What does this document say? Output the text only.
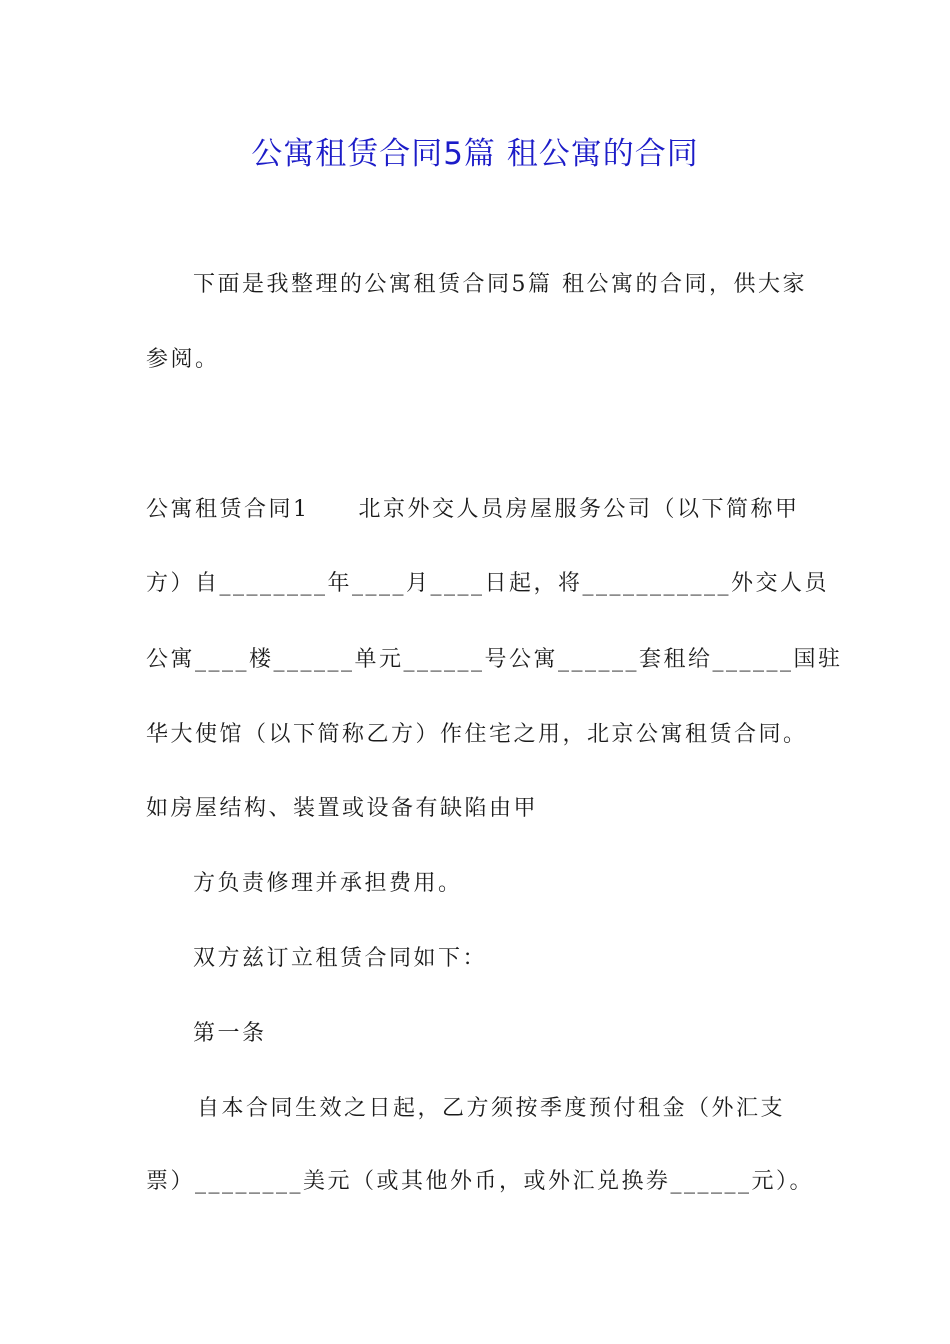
公寓租赁合同5篇 租公寓的合同
下面是我整理的公寓租赁合同5篇 租公寓的合同，供大家
参阅。
公寓租赁合同1　　北京外交人员房屋服务公司（以下简称甲
方）自________年____月____日起，将___________外交人员
公寓____楼______单元______号公寓______套租给______国驻
华大使馆（以下简称乙方）作住宅之用，北京公寓租赁合同。
如房屋结构、装置或设备有缺陷由甲
方负责修理并承担费用。
双方兹订立租赁合同如下：
第一条
自本合同生效之日起，乙方须按季度预付租金（外汇支
票）________美元（或其他外币，或外汇兑换券______元）。
